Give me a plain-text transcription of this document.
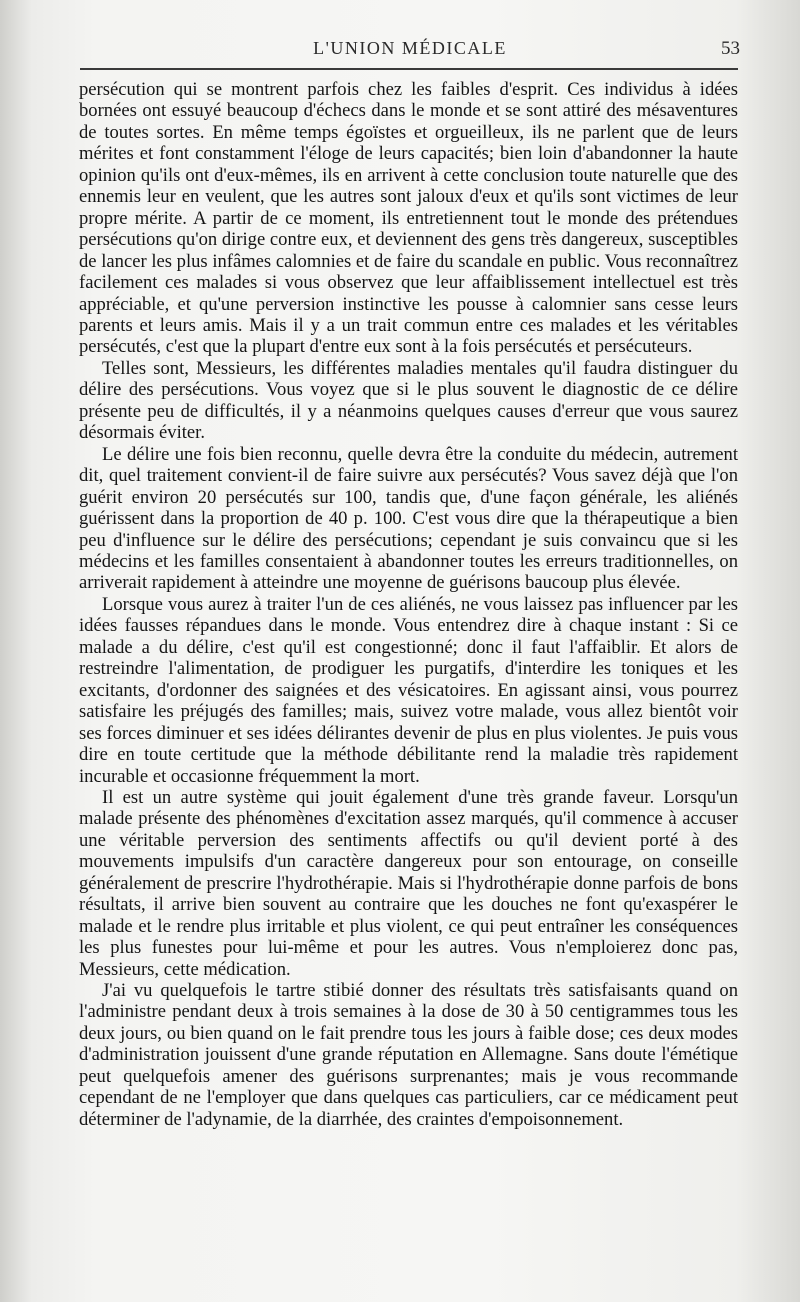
L'UNION MÉDICALE	53

persécution qui se montrent parfois chez les faibles d'esprit. Ces individus à idées bornées ont essuyé beaucoup d'échecs dans le monde et se sont attiré des mésaventures de toutes sortes. En même temps égoïstes et orgueilleux, ils ne parlent que de leurs mérites et font constamment l'éloge de leurs capacités; bien loin d'abandonner la haute opinion qu'ils ont d'eux-mêmes, ils en arrivent à cette conclusion toute naturelle que des ennemis leur en veulent, que les autres sont jaloux d'eux et qu'ils sont victimes de leur propre mérite. A partir de ce moment, ils entretiennent tout le monde des prétendues persécutions qu'on dirige contre eux, et deviennent des gens très dangereux, susceptibles de lancer les plus infâmes calomnies et de faire du scandale en public. Vous reconnaîtrez facilement ces malades si vous observez que leur affaiblissement intellectuel est très appréciable, et qu'une perversion instinctive les pousse à calomnier sans cesse leurs parents et leurs amis. Mais il y a un trait commun entre ces malades et les véritables persécutés, c'est que la plupart d'entre eux sont à la fois persécutés et persécuteurs.

Telles sont, Messieurs, les différentes maladies mentales qu'il faudra distinguer du délire des persécutions. Vous voyez que si le plus souvent le diagnostic de ce délire présente peu de difficultés, il y a néanmoins quelques causes d'erreur que vous saurez désormais éviter.

Le délire une fois bien reconnu, quelle devra être la conduite du médecin, autrement dit, quel traitement convient-il de faire suivre aux persécutés? Vous savez déjà que l'on guérit environ 20 persécutés sur 100, tandis que, d'une façon générale, les aliénés guérissent dans la proportion de 40 p. 100. C'est vous dire que la thérapeutique a bien peu d'influence sur le délire des persécutions; cependant je suis convaincu que si les médecins et les familles consentaient à abandonner toutes les erreurs traditionnelles, on arriverait rapidement à atteindre une moyenne de guérisons baucoup plus élevée.

Lorsque vous aurez à traiter l'un de ces aliénés, ne vous laissez pas influencer par les idées fausses répandues dans le monde. Vous entendrez dire à chaque instant : Si ce malade a du délire, c'est qu'il est congestionné; donc il faut l'affaiblir. Et alors de restreindre l'alimentation, de prodiguer les purgatifs, d'interdire les toniques et les excitants, d'ordonner des saignées et des vésicatoires. En agissant ainsi, vous pourrez satisfaire les préjugés des familles; mais, suivez votre malade, vous allez bientôt voir ses forces diminuer et ses idées délirantes devenir de plus en plus violentes. Je puis vous dire en toute certitude que la méthode débilitante rend la maladie très rapidement incurable et occasionne fréquemment la mort.

Il est un autre système qui jouit également d'une très grande faveur. Lorsqu'un malade présente des phénomènes d'excitation assez marqués, qu'il commence à accuser une véritable perversion des sentiments affectifs ou qu'il devient porté à des mouvements impulsifs d'un caractère dangereux pour son entourage, on conseille généralement de prescrire l'hydrothérapie. Mais si l'hydrothérapie donne parfois de bons résultats, il arrive bien souvent au contraire que les douches ne font qu'exaspérer le malade et le rendre plus irritable et plus violent, ce qui peut entraîner les conséquences les plus funestes pour lui-même et pour les autres. Vous n'emploierez donc pas, Messieurs, cette médication.

J'ai vu quelquefois le tartre stibié donner des résultats très satisfaisants quand on l'administre pendant deux à trois semaines à la dose de 30 à 50 centigrammes tous les deux jours, ou bien quand on le fait prendre tous les jours à faible dose; ces deux modes d'administration jouissent d'une grande réputation en Allemagne. Sans doute l'émétique peut quelquefois amener des guérisons surprenantes; mais je vous recommande cependant de ne l'employer que dans quelques cas particuliers, car ce médicament peut déterminer de l'adynamie, de la diarrhée, des craintes d'empoisonnement.
